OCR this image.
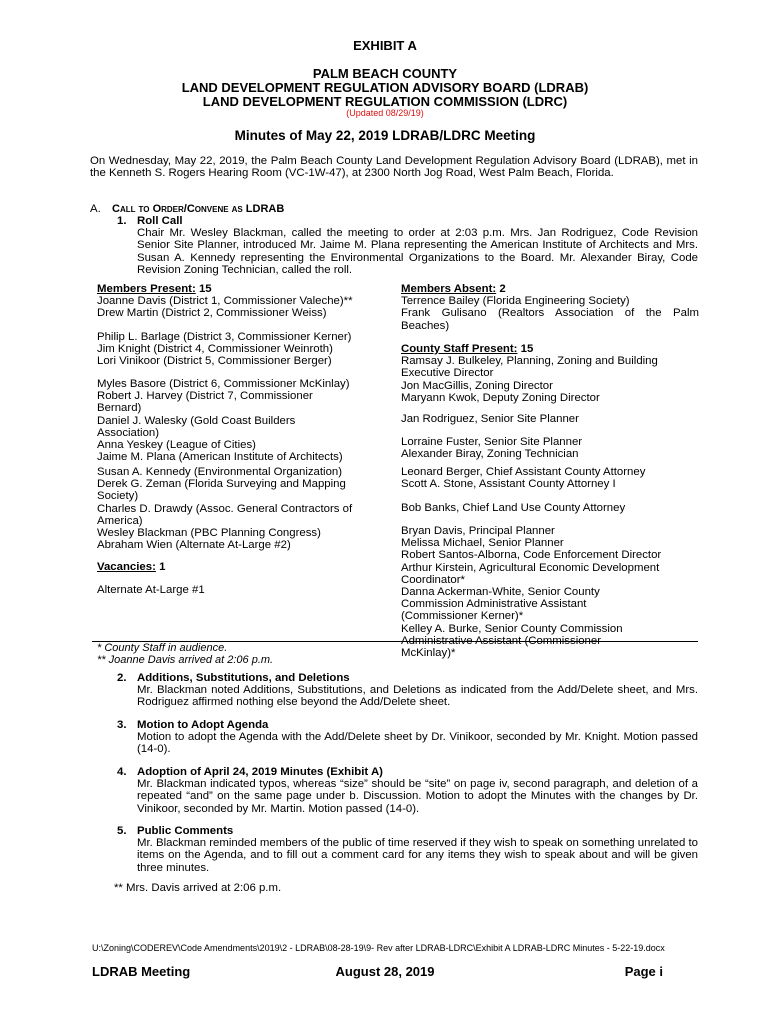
EXHIBIT A
PALM BEACH COUNTY
LAND DEVELOPMENT REGULATION ADVISORY BOARD (LDRAB)
LAND DEVELOPMENT REGULATION COMMISSION (LDRC)
(Updated 08/29/19)
Minutes of May 22, 2019 LDRAB/LDRC Meeting
On Wednesday, May 22, 2019, the Palm Beach County Land Development Regulation Advisory Board (LDRAB), met in the Kenneth S. Rogers Hearing Room (VC-1W-47), at 2300 North Jog Road, West Palm Beach, Florida.
A. Call to Order/Convene as LDRAB
1. Roll Call
Chair Mr. Wesley Blackman, called the meeting to order at 2:03 p.m. Mrs. Jan Rodriguez, Code Revision Senior Site Planner, introduced Mr. Jaime M. Plana representing the American Institute of Architects and Mrs. Susan A. Kennedy representing the Environmental Organizations to the Board. Mr. Alexander Biray, Code Revision Zoning Technician, called the roll.
Members Present: 15
Joanne Davis (District 1, Commissioner Valeche)**
Drew Martin (District 2, Commissioner Weiss)
Philip L. Barlage (District 3, Commissioner Kerner)
Jim Knight (District 4, Commissioner Weinroth)
Lori Vinikoor (District 5, Commissioner Berger)
Myles Basore (District 6, Commissioner McKinlay)
Robert J. Harvey (District 7, Commissioner Bernard)
Daniel J. Walesky (Gold Coast Builders Association)
Anna Yeskey (League of Cities)
Jaime M. Plana (American Institute of Architects)
Susan A. Kennedy (Environmental Organization)
Derek G. Zeman (Florida Surveying and Mapping Society)
Charles D. Drawdy (Assoc. General Contractors of America)
Wesley Blackman (PBC Planning Congress)
Abraham Wien (Alternate At-Large #2)
Vacancies: 1
Alternate At-Large #1
Members Absent: 2
Terrence Bailey (Florida Engineering Society)
Frank Gulisano (Realtors Association of the Palm Beaches)
County Staff Present: 15
Ramsay J. Bulkeley, Planning, Zoning and Building Executive Director
Jon MacGillis, Zoning Director
Maryann Kwok, Deputy Zoning Director
Jan Rodriguez, Senior Site Planner
Lorraine Fuster, Senior Site Planner
Alexander Biray, Zoning Technician
Leonard Berger, Chief Assistant County Attorney
Scott A. Stone, Assistant County Attorney I
Bob Banks, Chief Land Use County Attorney
Bryan Davis, Principal Planner
Melissa Michael, Senior Planner
Robert Santos-Alborna, Code Enforcement Director
Arthur Kirstein, Agricultural Economic Development Coordinator*
Danna Ackerman-White, Senior County Commission Administrative Assistant (Commissioner Kerner)*
Kelley A. Burke, Senior County Commission Administrative Assistant (Commissioner McKinlay)*
* County Staff in audience.
** Joanne Davis arrived at 2:06 p.m.
2. Additions, Substitutions, and Deletions
Mr. Blackman noted Additions, Substitutions, and Deletions as indicated from the Add/Delete sheet, and Mrs. Rodriguez affirmed nothing else beyond the Add/Delete sheet.
3. Motion to Adopt Agenda
Motion to adopt the Agenda with the Add/Delete sheet by Dr. Vinikoor, seconded by Mr. Knight. Motion passed (14-0).
4. Adoption of April 24, 2019 Minutes (Exhibit A)
Mr. Blackman indicated typos, whereas “size” should be “site” on page iv, second paragraph, and deletion of a repeated “and” on the same page under b. Discussion. Motion to adopt the Minutes with the changes by Dr. Vinikoor, seconded by Mr. Martin. Motion passed (14-0).
5. Public Comments
Mr. Blackman reminded members of the public of time reserved if they wish to speak on something unrelated to items on the Agenda, and to fill out a comment card for any items they wish to speak about and will be given three minutes.
** Mrs. Davis arrived at 2:06 p.m.
U:\Zoning\CODEREV\Code Amendments\2019\2 - LDRAB\08-28-19\9- Rev after LDRAB-LDRC\Exhibit A LDRAB-LDRC Minutes - 5-22-19.docx
LDRAB Meeting	August 28, 2019	Page i
